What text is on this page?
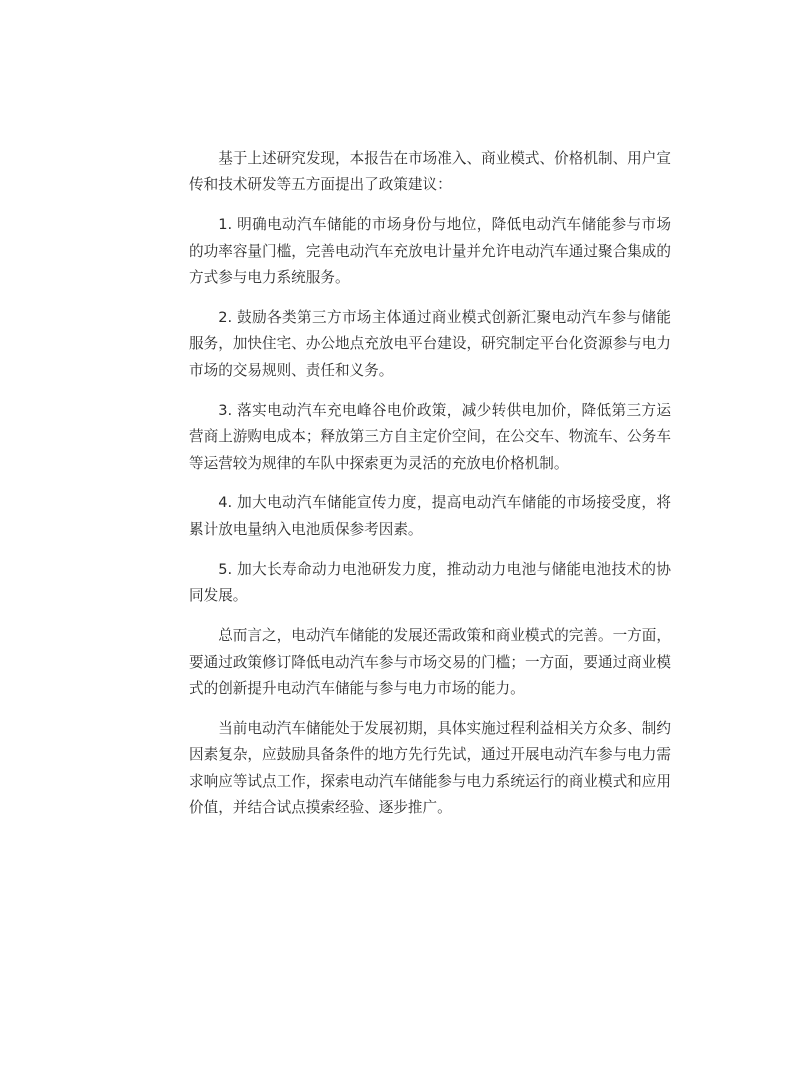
基于上述研究发现，本报告在市场准入、商业模式、价格机制、用户宣传和技术研发等五方面提出了政策建议：

1. 明确电动汽车储能的市场身份与地位，降低电动汽车储能参与市场的功率容量门槛，完善电动汽车充放电计量并允许电动汽车通过聚合集成的方式参与电力系统服务。

2. 鼓励各类第三方市场主体通过商业模式创新汇聚电动汽车参与储能服务，加快住宅、办公地点充放电平台建设，研究制定平台化资源参与电力市场的交易规则、责任和义务。

3. 落实电动汽车充电峰谷电价政策，减少转供电加价，降低第三方运营商上游购电成本；释放第三方自主定价空间，在公交车、物流车、公务车等运营较为规律的车队中探索更为灵活的充放电价格机制。

4. 加大电动汽车储能宣传力度，提高电动汽车储能的市场接受度，将累计放电量纳入电池质保参考因素。

5. 加大长寿命动力电池研发力度，推动动力电池与储能电池技术的协同发展。

总而言之，电动汽车储能的发展还需政策和商业模式的完善。一方面，要通过政策修订降低电动汽车参与市场交易的门槛；一方面，要通过商业模式的创新提升电动汽车储能与参与电力市场的能力。

当前电动汽车储能处于发展初期，具体实施过程利益相关方众多、制约因素复杂，应鼓励具备条件的地方先行先试，通过开展电动汽车参与电力需求响应等试点工作，探索电动汽车储能参与电力系统运行的商业模式和应用价值，并结合试点摸索经验、逐步推广。
